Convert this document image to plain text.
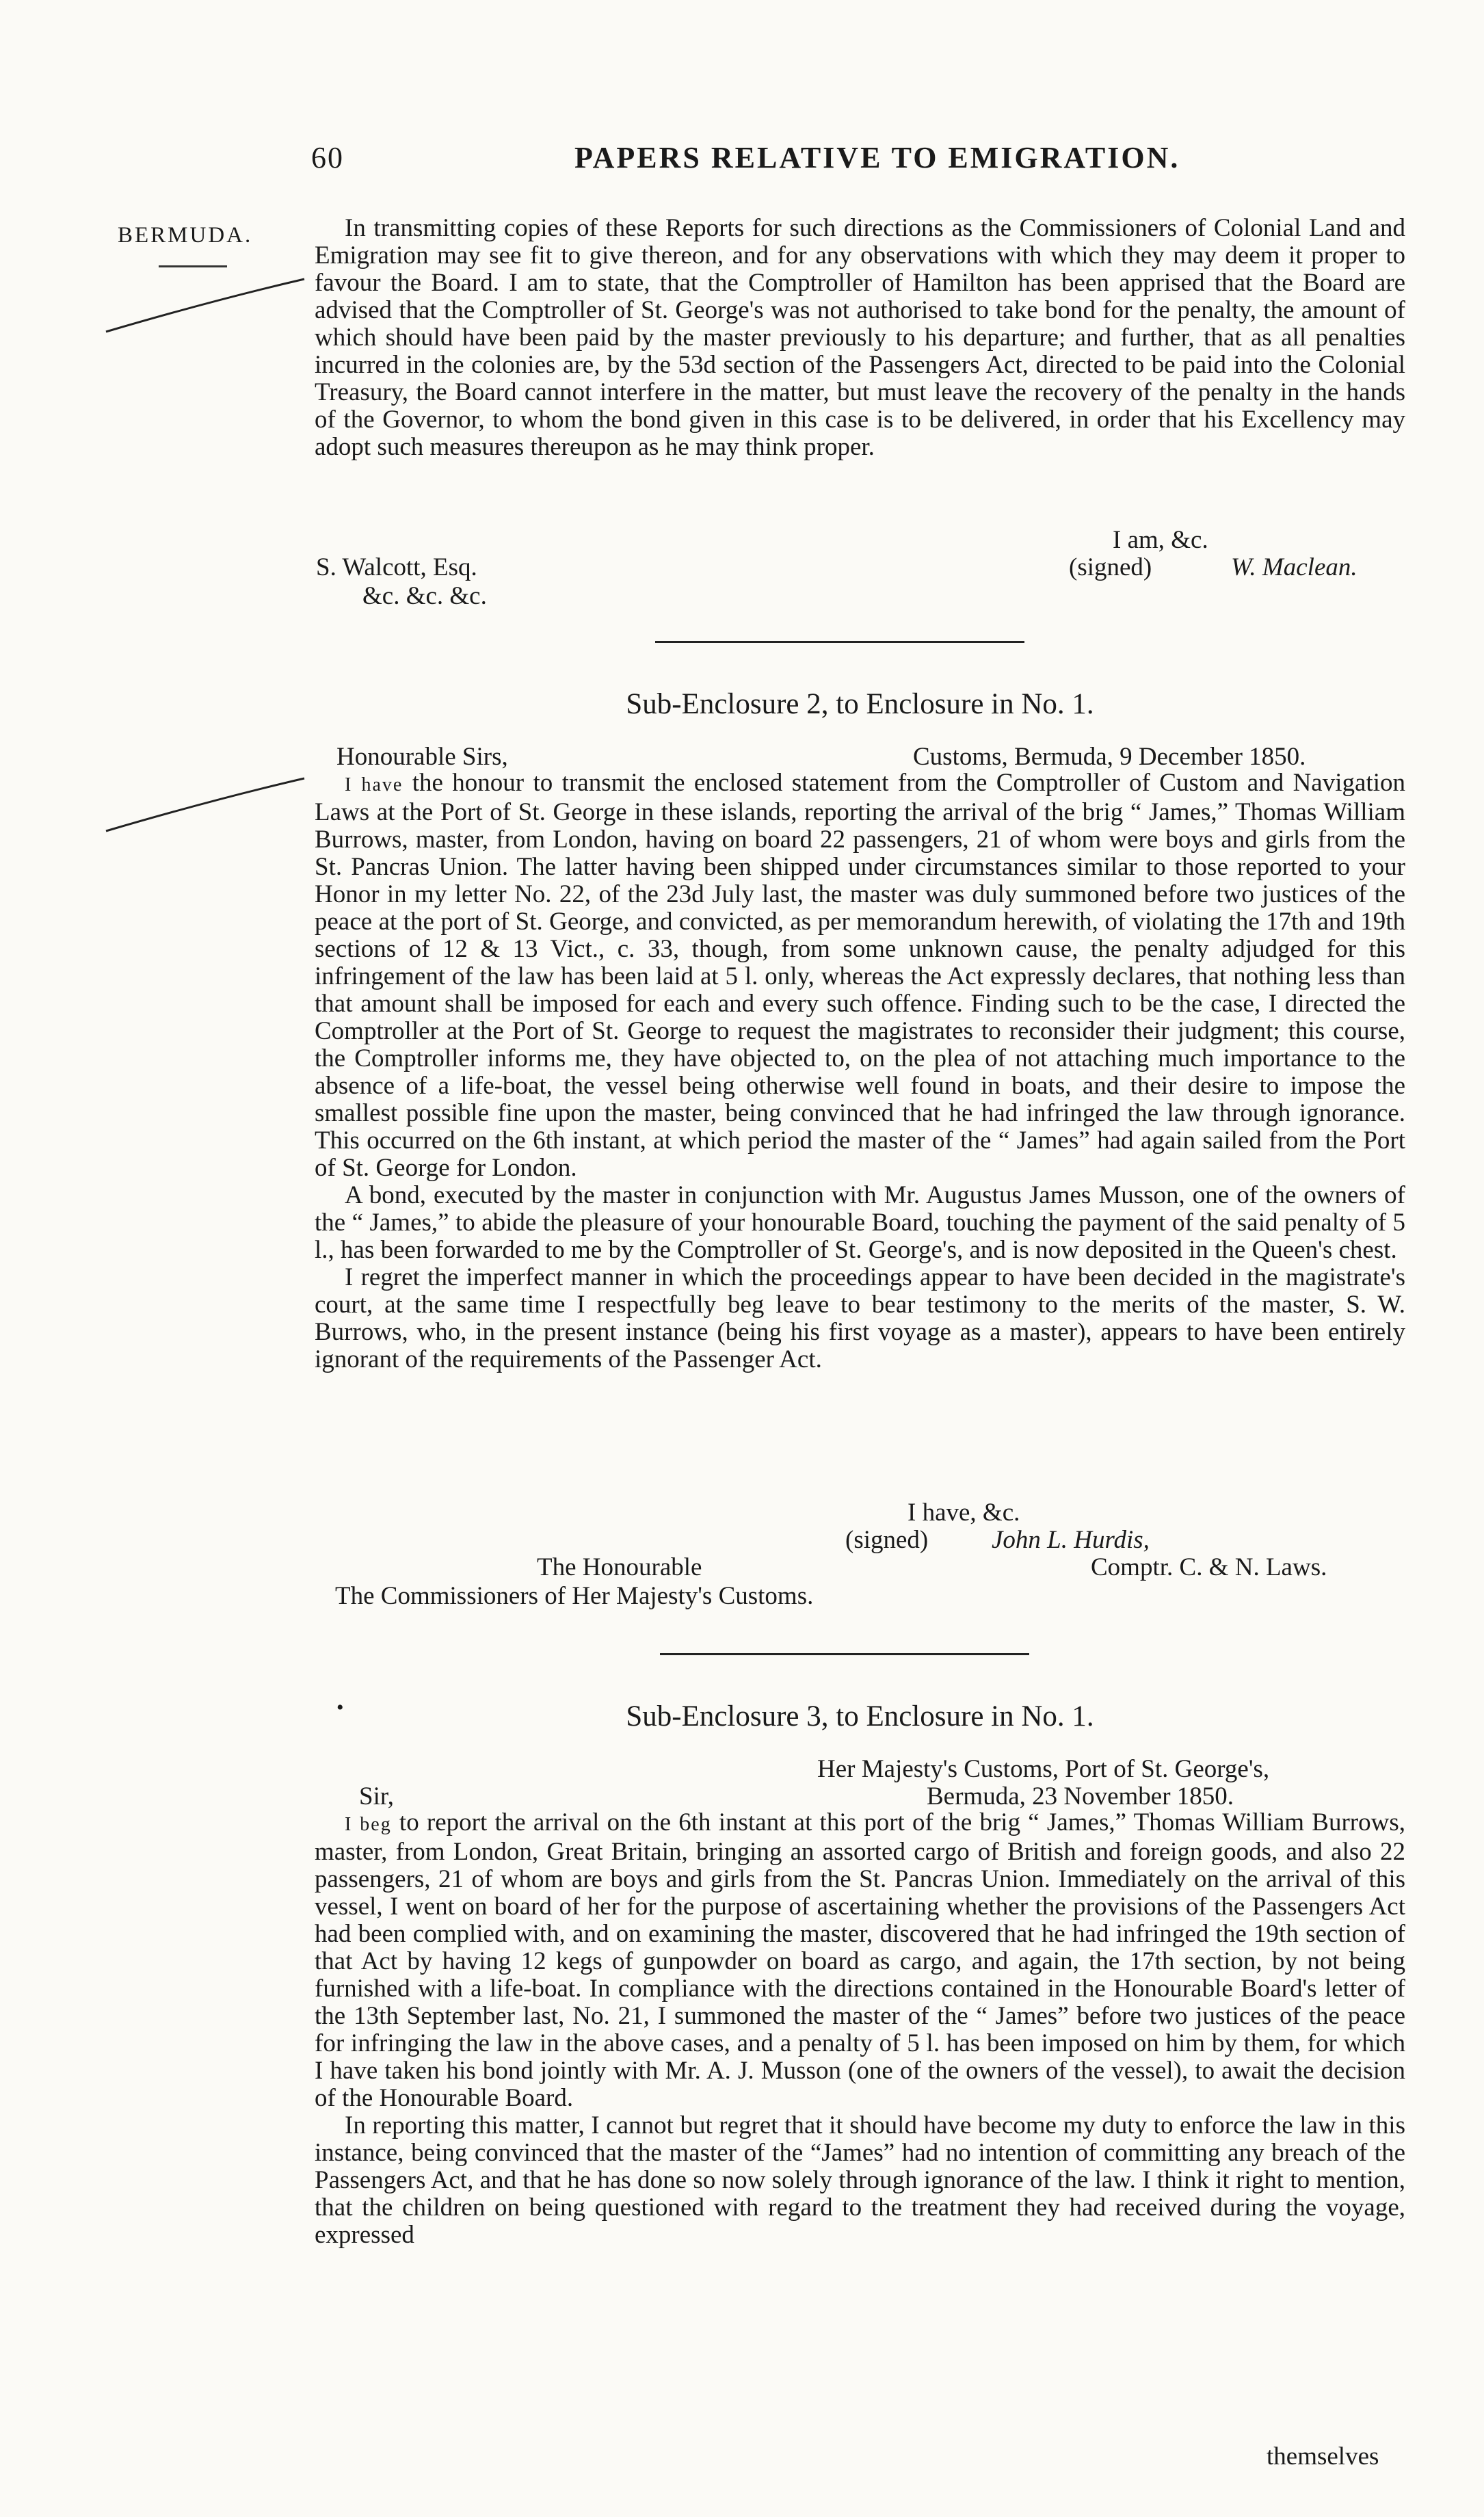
60	PAPERS RELATIVE TO EMIGRATION.
BERMUDA.	In transmitting copies of these Reports for such directions as the Commissioners of Colonial Land and Emigration may see fit to give thereon, and for any observations with which they may deem it proper to favour the Board. I am to state, that the Comptroller of Hamilton has been apprised that the Board are advised that the Comptroller of St. George's was not authorised to take bond for the penalty, the amount of which should have been paid by the master previously to his departure; and further, that as all penalties incurred in the colonies are, by the 53d section of the Passengers Act, directed to be paid into the Colonial Treasury, the Board cannot interfere in the matter, but must leave the recovery of the penalty in the hands of the Governor, to whom the bond given in this case is to be delivered, in order that his Excellency may adopt such measures thereupon as he may think proper.

I am, &c.
(signed)	W. Maclean.
S. Walcott, Esq.
&c. &c. &c.
Sub-Enclosure 2, to Enclosure in No. 1.
Honourable Sirs,	Customs, Bermuda, 9 December 1850.

I have the honour to transmit the enclosed statement from the Comptroller of Custom and Navigation Laws at the Port of St. George in these islands, reporting the arrival of the brig “ James,” Thomas William Burrows, master, from London, having on board 22 passengers, 21 of whom were boys and girls from the St. Pancras Union. The latter having been shipped under circumstances similar to those reported to your Honor in my letter No. 22, of the 23d July last, the master was duly summoned before two justices of the peace at the port of St. George, and convicted, as per memorandum herewith, of violating the 17th and 19th sections of 12 & 13 Vict., c. 33, though, from some unknown cause, the penalty adjudged for this infringement of the law has been laid at 5 l. only, whereas the Act expressly declares, that nothing less than that amount shall be imposed for each and every such offence. Finding such to be the case, I directed the Comptroller at the Port of St. George to request the magistrates to reconsider their judgment; this course, the Comptroller informs me, they have objected to, on the plea of not attaching much importance to the absence of a life-boat, the vessel being otherwise well found in boats, and their desire to impose the smallest possible fine upon the master, being convinced that he had infringed the law through ignorance. This occurred on the 6th instant, at which period the master of the “ James” had again sailed from the Port of St. George for London.

A bond, executed by the master in conjunction with Mr. Augustus James Musson, one of the owners of the “ James,” to abide the pleasure of your honourable Board, touching the payment of the said penalty of 5 l., has been forwarded to me by the Comptroller of St. George's, and is now deposited in the Queen's chest.

I regret the imperfect manner in which the proceedings appear to have been decided in the magistrate's court, at the same time I respectfully beg leave to bear testimony to the merits of the master, S. W. Burrows, who, in the present instance (being his first voyage as a master), appears to have been entirely ignorant of the requirements of the Passenger Act.

I have, &c.
(signed)	John L. Hurdis,
The Honourable	Comptr. C. & N. Laws.
The Commissioners of Her Majesty's Customs.
•	Sub-Enclosure 3, to Enclosure in No. 1.
Her Majesty's Customs, Port of St. George's,
Sir,	Bermuda, 23 November 1850.

I beg to report the arrival on the 6th instant at this port of the brig “ James,” Thomas William Burrows, master, from London, Great Britain, bringing an assorted cargo of British and foreign goods, and also 22 passengers, 21 of whom are boys and girls from the St. Pancras Union. Immediately on the arrival of this vessel, I went on board of her for the purpose of ascertaining whether the provisions of the Passengers Act had been complied with, and on examining the master, discovered that he had infringed the 19th section of that Act by having 12 kegs of gunpowder on board as cargo, and again, the 17th section, by not being furnished with a life-boat. In compliance with the directions contained in the Honourable Board's letter of the 13th September last, No. 21, I summoned the master of the “ James” before two justices of the peace for infringing the law in the above cases, and a penalty of 5 l. has been imposed on him by them, for which I have taken his bond jointly with Mr. A. J. Musson (one of the owners of the vessel), to await the decision of the Honourable Board.

In reporting this matter, I cannot but regret that it should have become my duty to enforce the law in this instance, being convinced that the master of the “James” had no intention of committing any breach of the Passengers Act, and that he has done so now solely through ignorance of the law. I think it right to mention, that the children on being questioned with regard to the treatment they had received during the voyage, expressed

themselves
